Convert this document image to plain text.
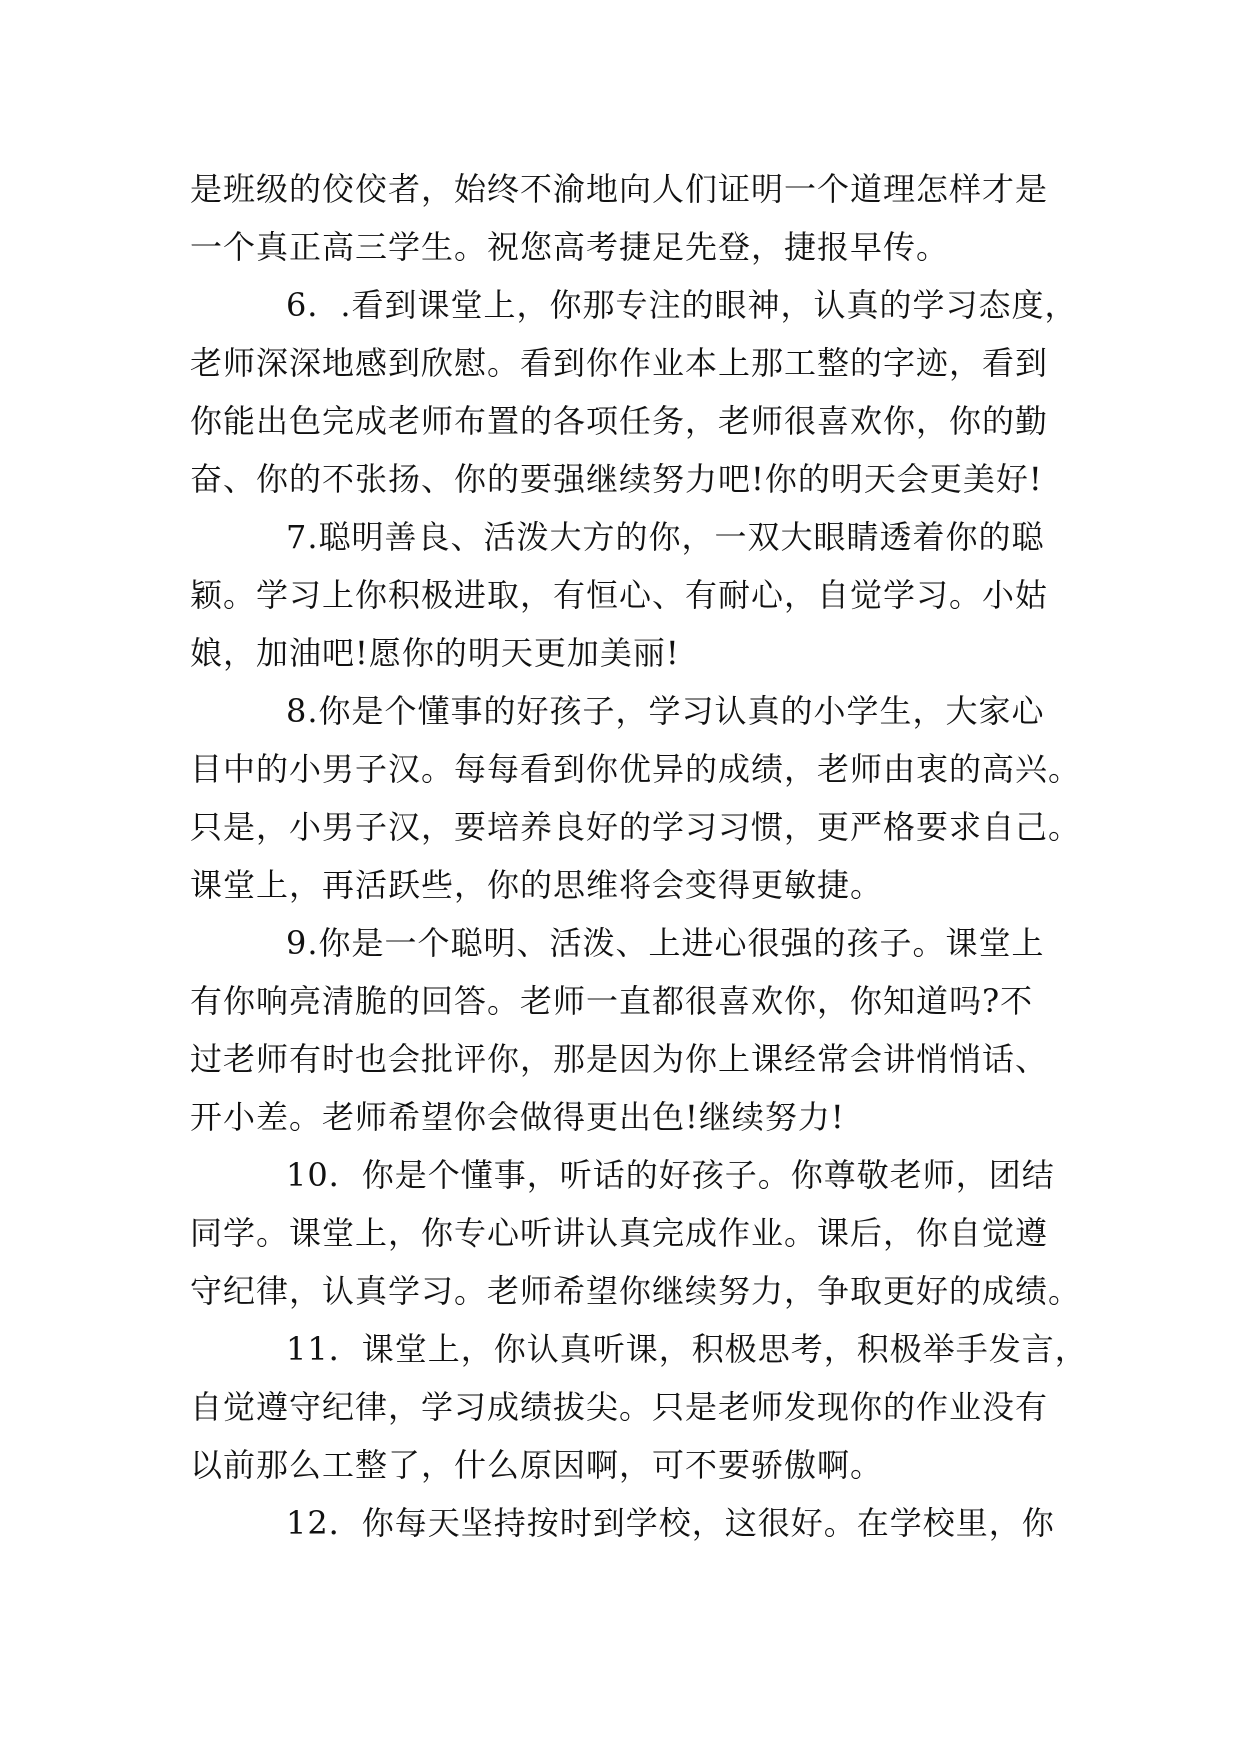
是班级的佼佼者，始终不渝地向人们证明一个道理怎样才是
一个真正高三学生。祝您高考捷足先登，捷报早传。
6．.看到课堂上，你那专注的眼神，认真的学习态度，
老师深深地感到欣慰。看到你作业本上那工整的字迹，看到
你能出色完成老师布置的各项任务，老师很喜欢你，你的勤
奋、你的不张扬、你的要强继续努力吧!你的明天会更美好!
7.聪明善良、活泼大方的你，一双大眼睛透着你的聪
颖。学习上你积极进取，有恒心、有耐心，自觉学习。小姑
娘，加油吧!愿你的明天更加美丽!
8.你是个懂事的好孩子，学习认真的小学生，大家心
目中的小男子汉。每每看到你优异的成绩，老师由衷的高兴。
只是，小男子汉，要培养良好的学习习惯，更严格要求自己。
课堂上，再活跃些，你的思维将会变得更敏捷。
9.你是一个聪明、活泼、上进心很强的孩子。课堂上
有你响亮清脆的回答。老师一直都很喜欢你，你知道吗?不
过老师有时也会批评你，那是因为你上课经常会讲悄悄话、
开小差。老师希望你会做得更出色!继续努力!
10．你是个懂事，听话的好孩子。你尊敬老师，团结
同学。课堂上，你专心听讲认真完成作业。课后，你自觉遵
守纪律，认真学习。老师希望你继续努力，争取更好的成绩。
11．课堂上，你认真听课，积极思考，积极举手发言，
自觉遵守纪律，学习成绩拔尖。只是老师发现你的作业没有
以前那么工整了，什么原因啊，可不要骄傲啊。
12．你每天坚持按时到学校，这很好。在学校里，你
